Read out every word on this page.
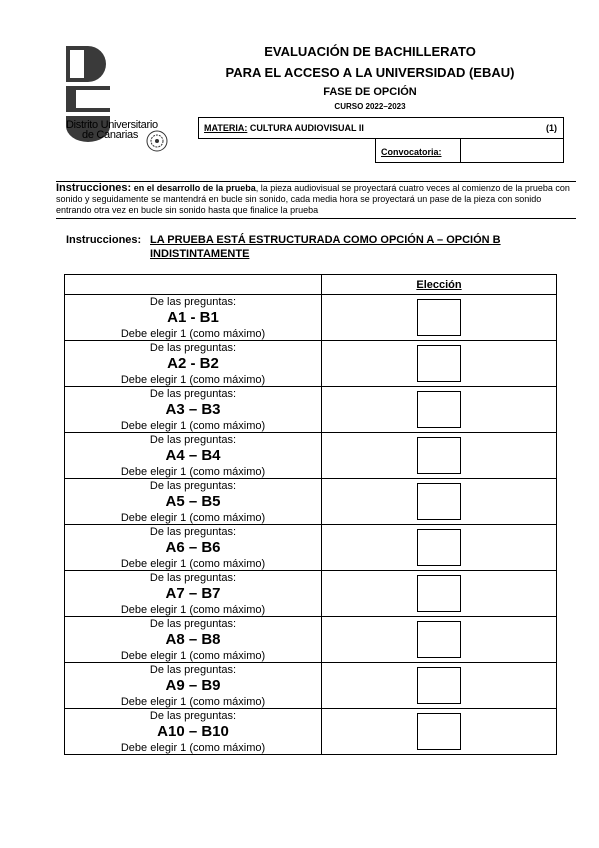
Distrito Universitario
de Canarias
EVALUACIÓN DE BACHILLERATO
PARA EL ACCESO A LA UNIVERSIDAD (EBAU)
FASE DE OPCIÓN
CURSO 2022–2023
MATERIA: CULTURA AUDIOVISUAL II	(1)
Convocatoria:
Instrucciones: en el desarrollo de la prueba, la pieza audiovisual se proyectará cuatro veces al comienzo de la prueba con sonido y seguidamente se mantendrá en bucle sin sonido, cada media hora se proyectará un pase de la pieza con sonido entrando otra vez en bucle sin sonido hasta que finalice la prueba
Instrucciones: LA PRUEBA ESTÁ ESTRUCTURADA COMO OPCIÓN A – OPCIÓN B INDISTINTAMENTE
	Elección

De las preguntas:
A1 - B1
Debe elegir 1 (como máximo)	

De las preguntas:
A2 - B2
Debe elegir 1 (como máximo)	

De las preguntas:
A3 – B3
Debe elegir 1 (como máximo)	

De las preguntas:
A4 – B4
Debe elegir 1 (como máximo)	

De las preguntas:
A5 – B5
Debe elegir 1 (como máximo)	

De las preguntas:
A6 – B6
Debe elegir 1 (como máximo)	

De las preguntas:
A7 – B7
Debe elegir 1 (como máximo)	

De las preguntas:
A8 – B8
Debe elegir 1 (como máximo)	

De las preguntas:
A9 – B9
Debe elegir 1 (como máximo)	

De las preguntas:
A10 – B10
Debe elegir 1 (como máximo)	
